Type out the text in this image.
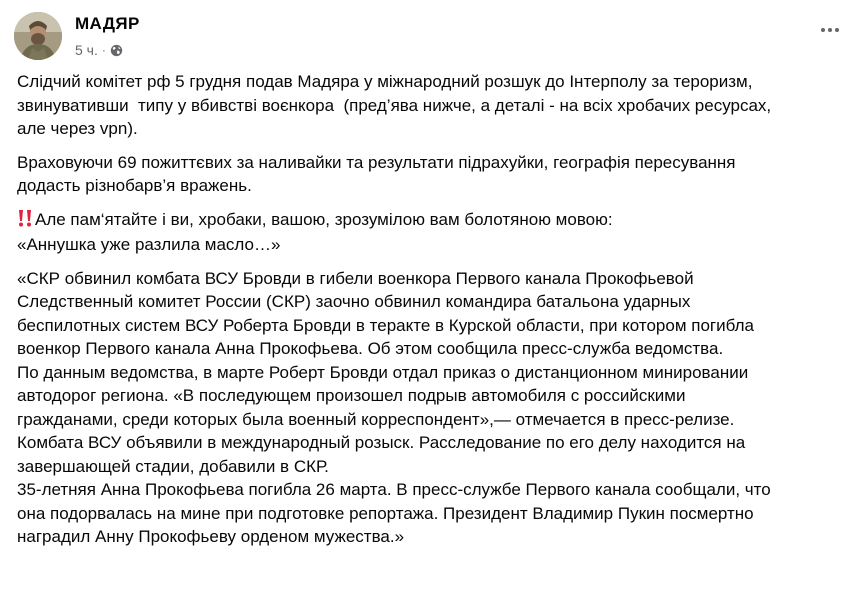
МАДЯР
5 ч. ·

Слідчий комітет рф 5 грудня подав Мадяра у міжнародний розшук до Інтерполу за тероризм,
звинувативши  типу у вбивстві воєнкора  (пред’ява нижче, а деталі - на всіх хробачих ресурсах,
але через vpn).

Враховуючи 69 пожиттєвих за наливайки та результати підрахуйки, географія пересування
додасть різнобарв’я вражень.

Але пам‘ятайте і ви, хробаки, вашою, зрозумілою вам болотяною мовою:
«Аннушка уже разлила масло…»

«СКР обвинил комбата ВСУ Бровди в гибели военкора Первого канала Прокофьевой
Следственный комитет России (СКР) заочно обвинил командира батальона ударных
беспилотных систем ВСУ Роберта Бровди в теракте в Курской области, при котором погибла
военкор Первого канала Анна Прокофьева. Об этом сообщила пресс-служба ведомства.
По данным ведомства, в марте Роберт Бровди отдал приказ о дистанционном минировании
автодорог региона. «В последующем произошел подрыв автомобиля с российскими
гражданами, среди которых была военный корреспондент»,— отмечается в пресс-релизе.
Комбата ВСУ объявили в международный розыск. Расследование по его делу находится на
завершающей стадии, добавили в СКР.
35-летняя Анна Прокофьева погибла 26 марта. В пресс-службе Первого канала сообщали, что
она подорвалась на мине при подготовке репортажа. Президент Владимир Пукин посмертно
наградил Анну Прокофьеву орденом мужества.»
